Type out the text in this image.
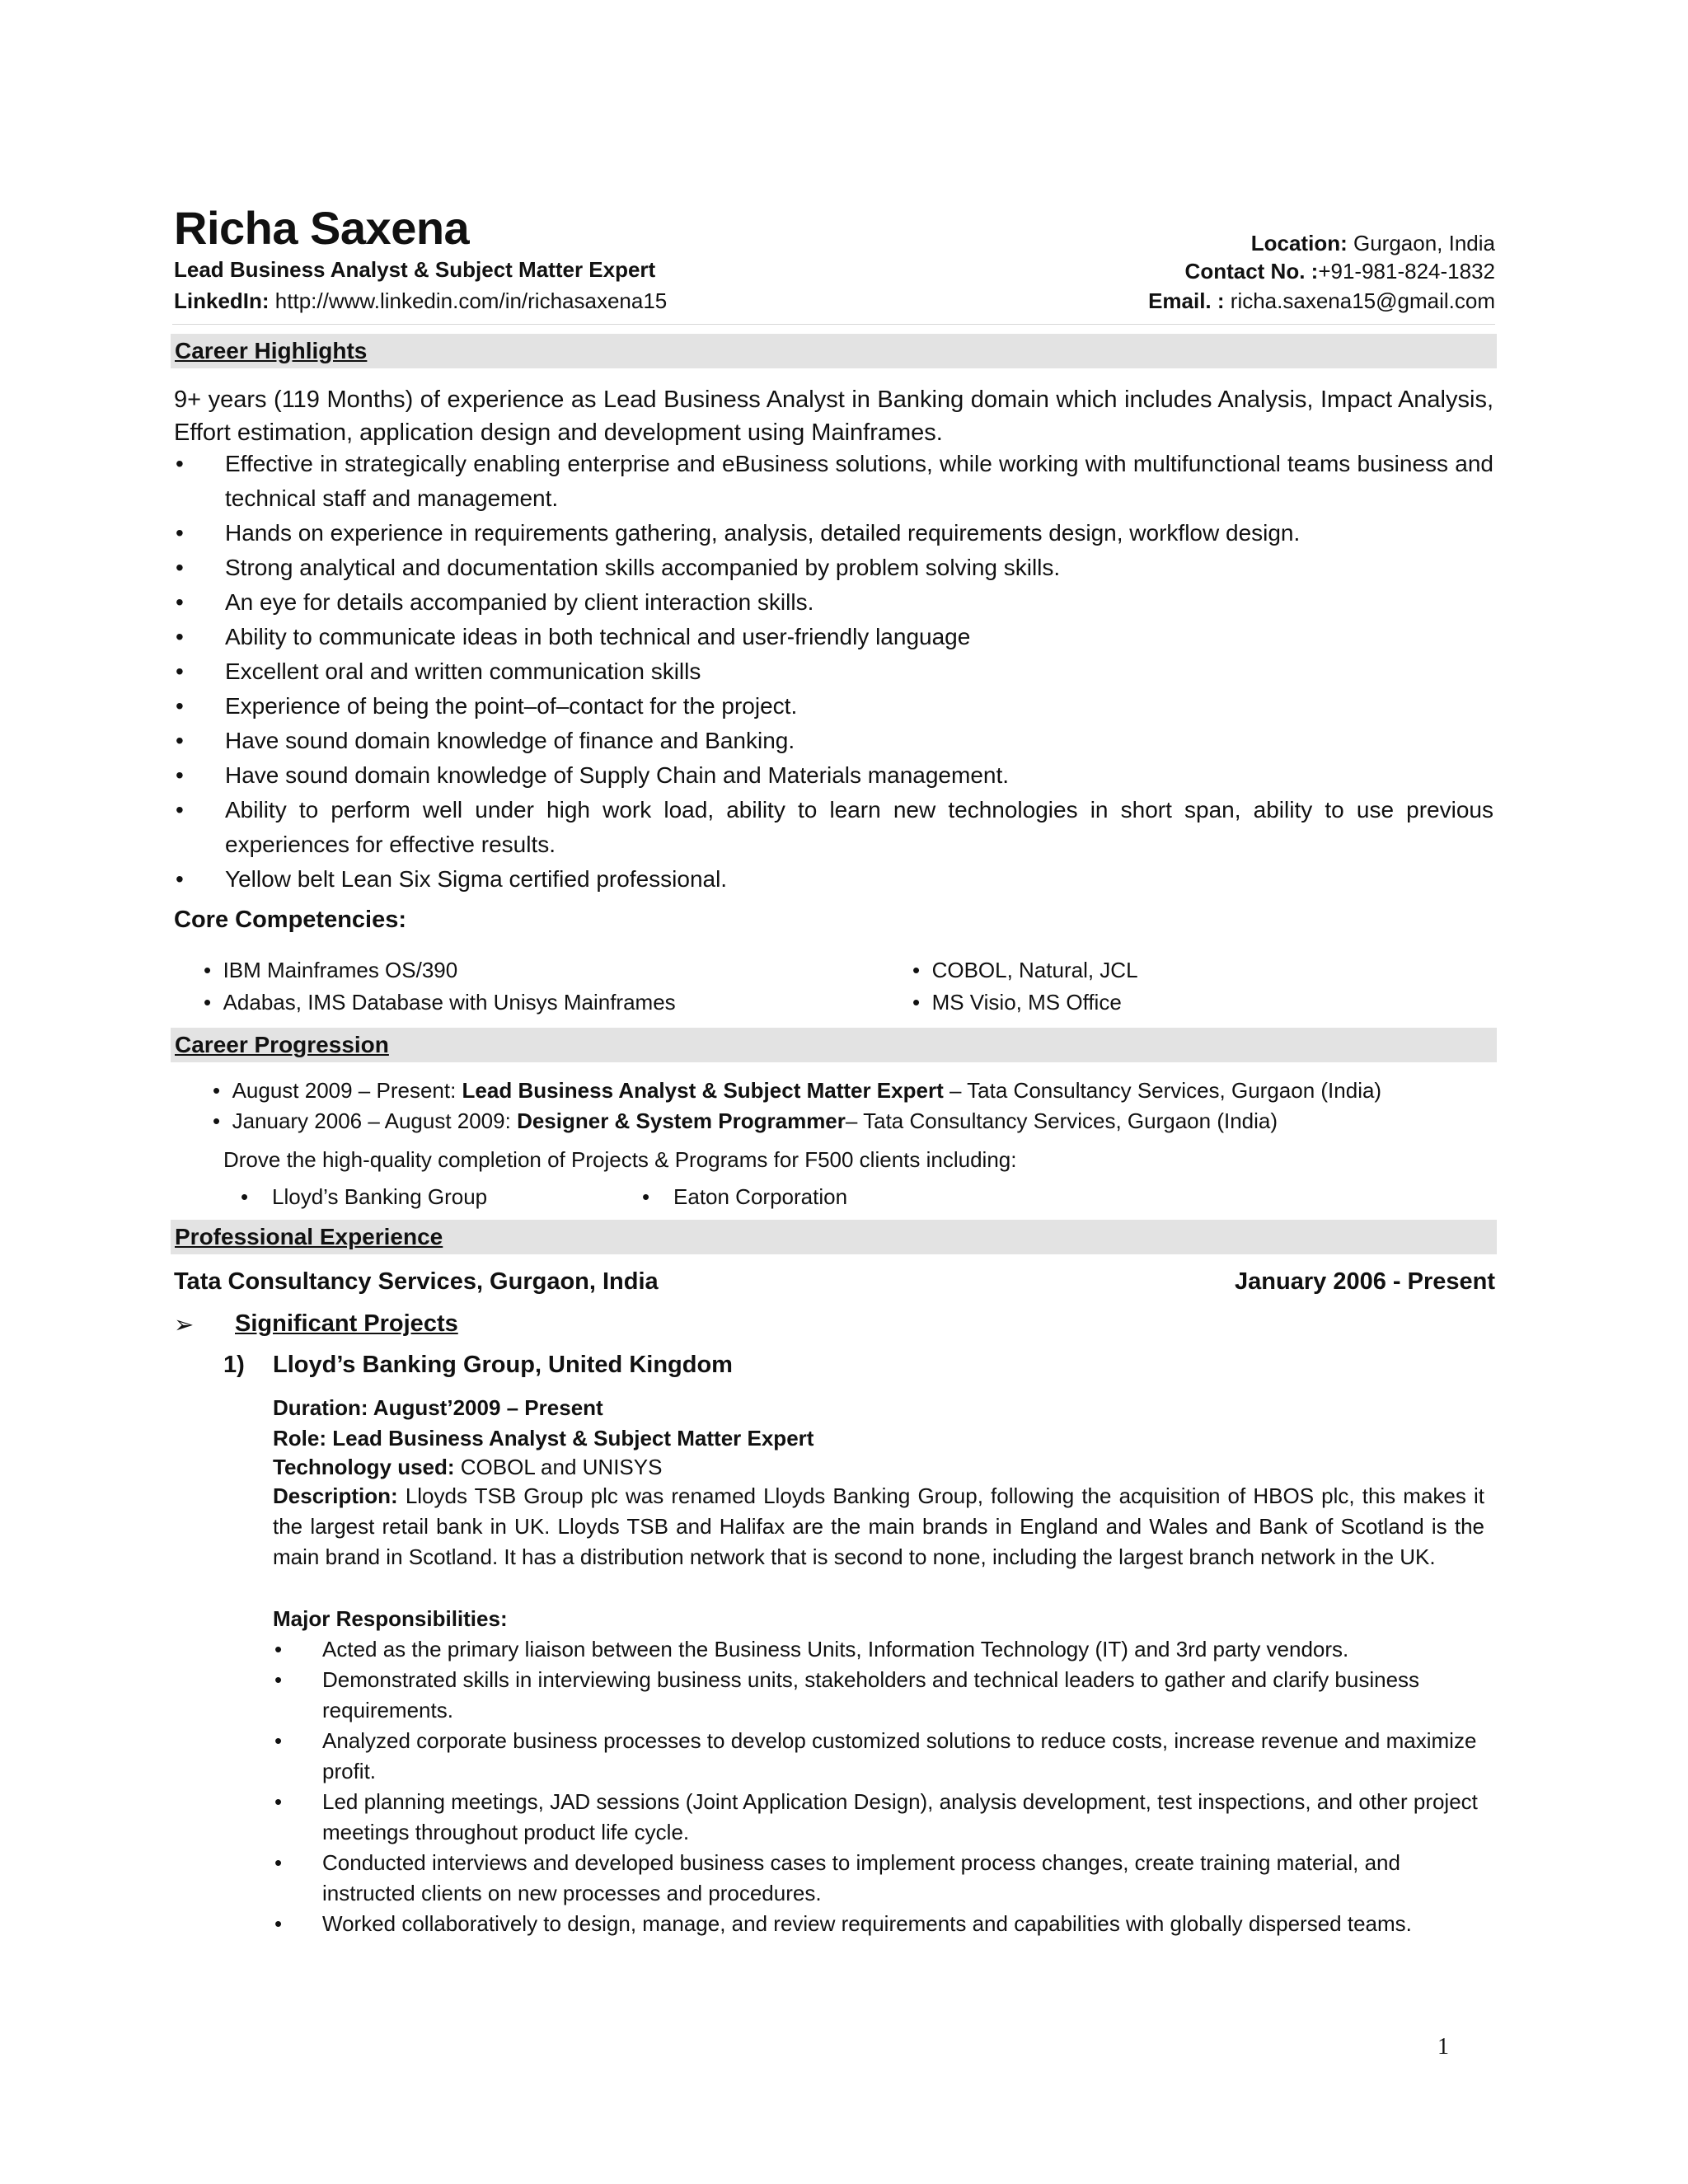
Richa Saxena
Lead Business Analyst & Subject Matter Expert
LinkedIn: http://www.linkedin.com/in/richasaxena15
Location: Gurgaon, India
Contact No. :+91-981-824-1832
Email. : richa.saxena15@gmail.com
Career Highlights
9+ years (119 Months) of experience as Lead Business Analyst in Banking domain which includes Analysis, Impact Analysis, Effort estimation, application design and development using Mainframes.
• Effective in strategically enabling enterprise and eBusiness solutions, while working with multifunctional teams business and technical staff and management.
• Hands on experience in requirements gathering, analysis, detailed requirements design, workflow design.
• Strong analytical and documentation skills accompanied by problem solving skills.
• An eye for details accompanied by client interaction skills.
• Ability to communicate ideas in both technical and user-friendly language
• Excellent oral and written communication skills
• Experience of being the point–of–contact for the project.
• Have sound domain knowledge of finance and Banking.
• Have sound domain knowledge of Supply Chain and Materials management.
• Ability to perform well under high work load, ability to learn new technologies in short span, ability to use previous experiences for effective results.
• Yellow belt Lean Six Sigma certified professional.
Core Competencies:
• IBM Mainframes OS/390
• Adabas, IMS Database with Unisys Mainframes
• COBOL, Natural, JCL
• MS Visio, MS Office
Career Progression
• August 2009 – Present: Lead Business Analyst & Subject Matter Expert – Tata Consultancy Services, Gurgaon (India)
• January 2006 – August 2009: Designer & System Programmer– Tata Consultancy Services, Gurgaon (India)
Drove the high-quality completion of Projects & Programs for F500 clients including:
• Lloyd’s Banking Group	• Eaton Corporation
Professional Experience
Tata Consultancy Services, Gurgaon, India	January 2006 - Present
➢ Significant Projects
1) Lloyd’s Banking Group, United Kingdom
Duration: August’2009 – Present
Role: Lead Business Analyst & Subject Matter Expert
Technology used: COBOL and UNISYS
Description: Lloyds TSB Group plc was renamed Lloyds Banking Group, following the acquisition of HBOS plc, this makes it the largest retail bank in UK. Lloyds TSB and Halifax are the main brands in England and Wales and Bank of Scotland is the main brand in Scotland. It has a distribution network that is second to none, including the largest branch network in the UK.
Major Responsibilities:
• Acted as the primary liaison between the Business Units, Information Technology (IT) and 3rd party vendors.
• Demonstrated skills in interviewing business units, stakeholders and technical leaders to gather and clarify business requirements.
• Analyzed corporate business processes to develop customized solutions to reduce costs, increase revenue and maximize profit.
• Led planning meetings, JAD sessions (Joint Application Design), analysis development, test inspections, and other project meetings throughout product life cycle.
• Conducted interviews and developed business cases to implement process changes, create training material, and instructed clients on new processes and procedures.
• Worked collaboratively to design, manage, and review requirements and capabilities with globally dispersed teams.
1
